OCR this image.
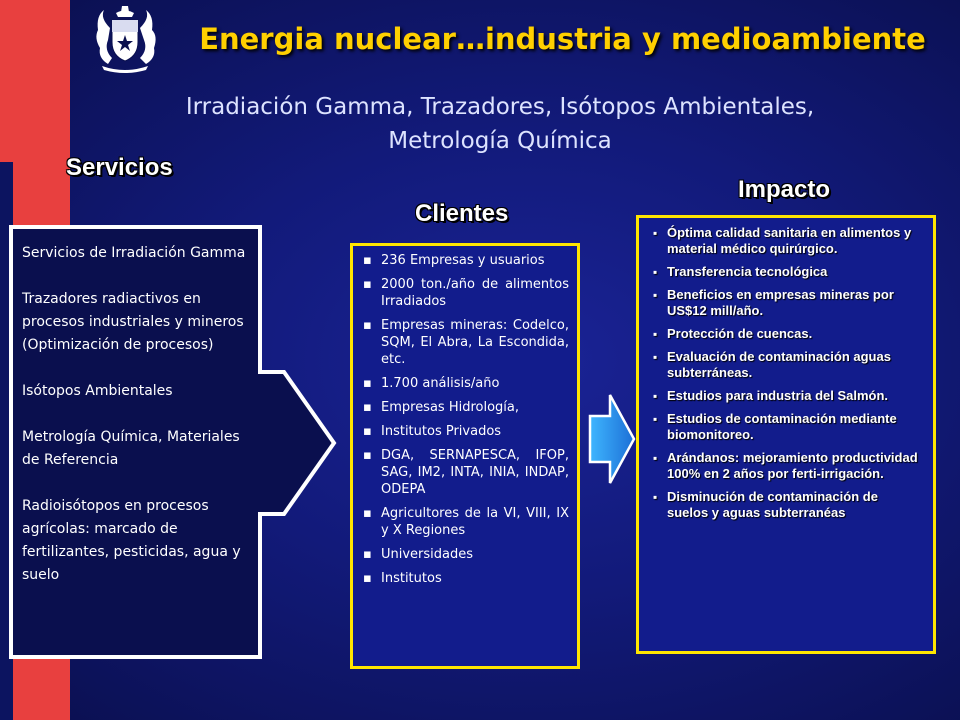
Energia nuclear…industria y medioambiente
Irradiación Gamma, Trazadores, Isótopos Ambientales,
Metrología Química
Servicios
Clientes
Impacto

Servicios de Irradiación Gamma

Trazadores radiactivos en procesos industriales y mineros (Optimización de procesos)

Isótopos Ambientales

Metrología Química, Materiales de Referencia

Radioisótopos en procesos agrícolas: marcado de fertilizantes, pesticidas, agua y suelo

▪ 236 Empresas y usuarios
▪ 2000 ton./año de alimentos Irradiados
▪ Empresas mineras: Codelco, SQM, El Abra, La Escondida, etc.
▪ 1.700 análisis/año
▪ Empresas Hidrología,
▪ Institutos Privados
▪ DGA, SERNAPESCA, IFOP, SAG, IM2, INTA, INIA, INDAP, ODEPA
▪ Agricultores de la VI, VIII, IX y X Regiones
▪ Universidades
▪ Institutos
▪ Óptima calidad sanitaria en alimentos y material médico quirúrgico.
▪ Transferencia tecnológica
▪ Beneficios en empresas mineras por US$12 mill/año.
▪ Protección de cuencas.
▪ Evaluación de contaminación aguas subterráneas.
▪ Estudios para industria del Salmón.
▪ Estudios de contaminación mediante biomonitoreo.
▪ Arándanos: mejoramiento productividad 100% en 2 años por ferti-irrigación.
▪ Disminución de contaminación de suelos y aguas subterranéas
